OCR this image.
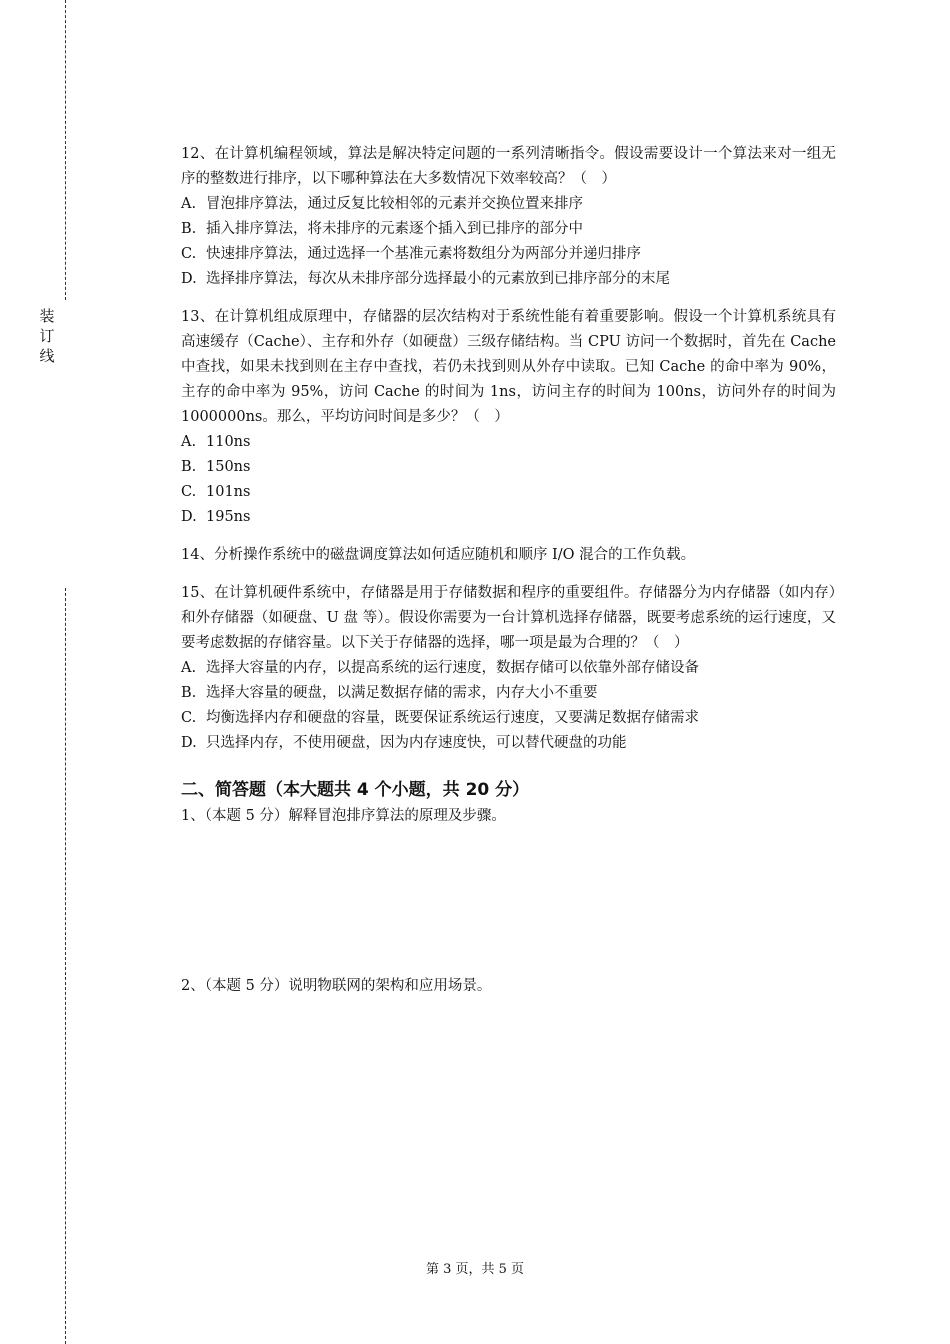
装
订
线
12、在计算机编程领域，算法是解决特定问题的一系列清晰指令。假设需要设计一个算法来对一组无序的整数进行排序，以下哪种算法在大多数情况下效率较高？（　）
A. 冒泡排序算法，通过反复比较相邻的元素并交换位置来排序
B. 插入排序算法，将未排序的元素逐个插入到已排序的部分中
C. 快速排序算法，通过选择一个基准元素将数组分为两部分并递归排序
D. 选择排序算法，每次从未排序部分选择最小的元素放到已排序部分的末尾
13、在计算机组成原理中，存储器的层次结构对于系统性能有着重要影响。假设一个计算机系统具有高速缓存（Cache）、主存和外存（如硬盘）三级存储结构。当 CPU 访问一个数据时，首先在 Cache 中查找，如果未找到则在主存中查找，若仍未找到则从外存中读取。已知 Cache 的命中率为 90%，主存的命中率为 95%，访问 Cache 的时间为 1ns，访问主存的时间为 100ns，访问外存的时间为 1000000ns。那么，平均访问时间是多少？（　）
A. 110ns
B. 150ns
C. 101ns
D. 195ns
14、分析操作系统中的磁盘调度算法如何适应随机和顺序 I/O 混合的工作负载。
15、在计算机硬件系统中，存储器是用于存储数据和程序的重要组件。存储器分为内存储器（如内存）和外存储器（如硬盘、U 盘 等）。假设你需要为一台计算机选择存储器，既要考虑系统的运行速度，又要考虑数据的存储容量。以下关于存储器的选择，哪一项是最为合理的？（　）
A. 选择大容量的内存，以提高系统的运行速度，数据存储可以依靠外部存储设备
B. 选择大容量的硬盘，以满足数据存储的需求，内存大小不重要
C. 均衡选择内存和硬盘的容量，既要保证系统运行速度，又要满足数据存储需求
D. 只选择内存，不使用硬盘，因为内存速度快，可以替代硬盘的功能
二、简答题（本大题共 4 个小题，共 20 分）
1、（本题 5 分）解释冒泡排序算法的原理及步骤。
2、（本题 5 分）说明物联网的架构和应用场景。
第 3 页，共 5 页
